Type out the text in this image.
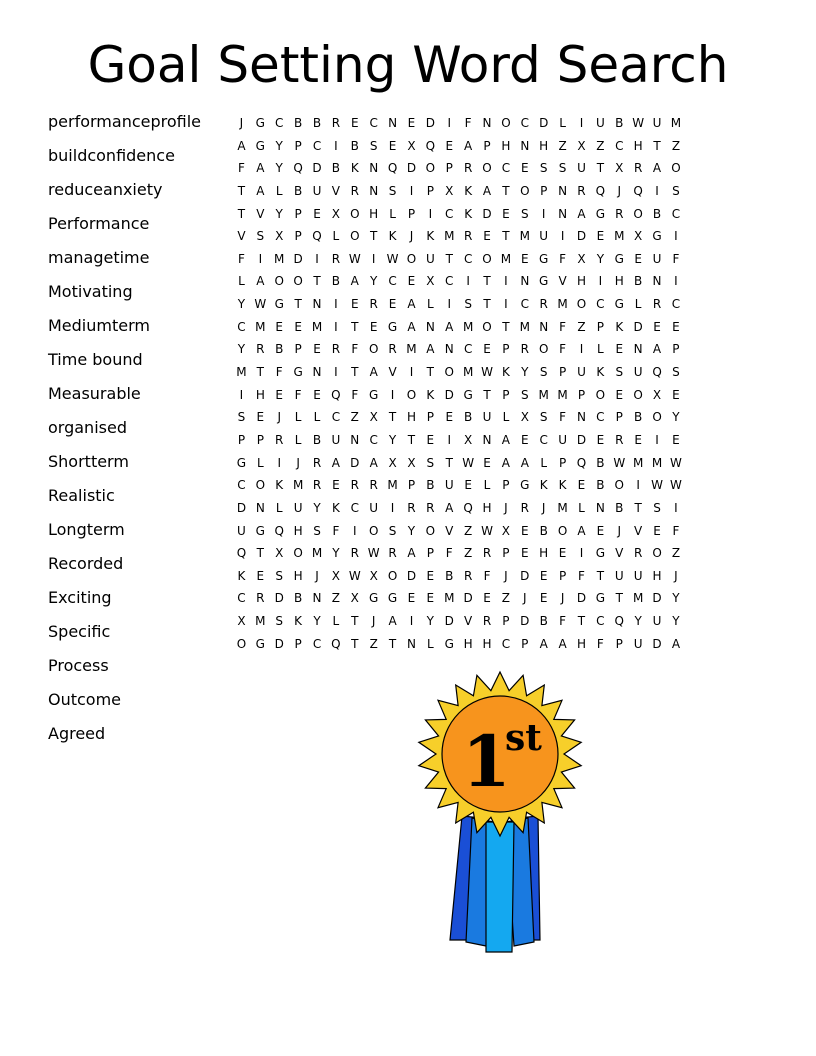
Goal Setting Word Search
performanceprofile
buildconfidence
reduceanxiety
Performance
managetime
Motivating
Mediumterm
Time bound
Measurable
organised
Shortterm
Realistic
Longterm
Recorded
Exciting
Specific
Process
Outcome
Agreed
J G C B B R E C N E D I F N O C D L I U B W U M
A G Y P C I B S E X Q E A P H N H Z X Z C H T Z
F A Y Q D B K N Q D O P R O C E S S U T X R A O
T A L B U V R N S I P X K A T O P N R Q J Q I S
T V Y P E X O H L P I C K D E S I N A G R O B C
V S X P Q L O T K J K M R E T M U I D E M X G I
F I M D I R W I W O U T C O M E G F X Y G E U F
L A O O T B A Y C E X C I T I N G V H I H B N I
Y W G T N I E R E A L I S T I C R M O C G L R C
C M E E M I T E G A N A M O T M N F Z P K D E E
Y R B P E R F O R M A N C E P R O F I L E N A P
M T F G N I T A V I T O M W K Y S P U K S U Q S
I H E F E Q F G I O K D G T P S M M P O E O X E
S E J L L C Z X T H P E B U L X S F N C P B O Y
P P R L B U N C Y T E I X N A E C U D E R E I E
G L I J R A D A X X S T W E A A L P Q B W M M W
C O K M R E R R M P B U E L P G K K E B O I W W
D N L U Y K C U I R R A Q H J R J M L N B T S I
U G Q H S F I O S Y O V Z W X E B O A E J V E F
Q T X O M Y R W R A P F Z R P E H E I G V R O Z
K E S H J X W X O D E B R F J D E P F T U U H J
C R D B N Z X G G E E M D E Z J E J D G T M D Y
X M S K Y L T J A I Y D V R P D B F T C Q Y U Y
O G D P C Q T Z T N L G H H C P A A H F P U D A
1
st
